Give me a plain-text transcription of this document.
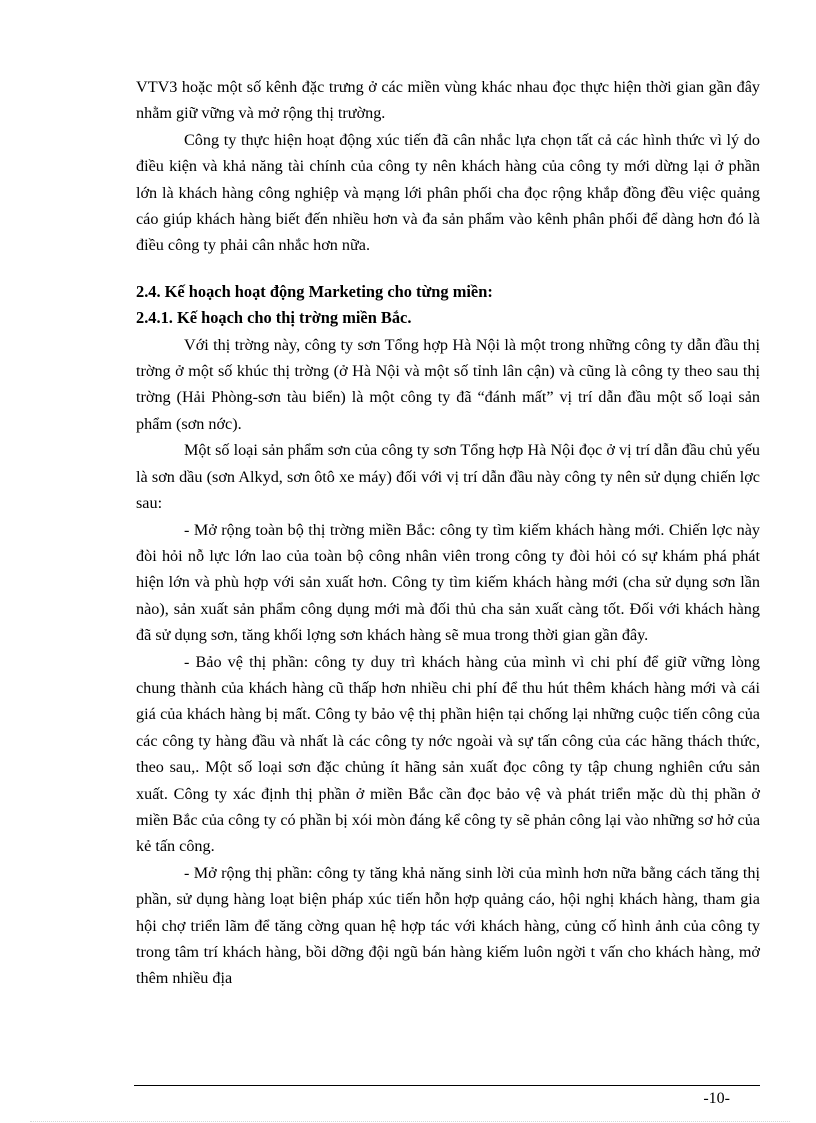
VTV3 hoặc một số kênh đặc trưng ở các miền vùng khác nhau đọc thực hiện thời gian gần đây nhằm giữ vững và mở rộng thị trường.

Công ty thực hiện hoạt động xúc tiến đã cân nhắc lựa chọn tất cả các hình thức vì lý do điều kiện và khả năng tài chính của công ty nên khách hàng của công ty mới dừng lại ở phần lớn là khách hàng công nghiệp và mạng lới phân phối cha đọc rộng khắp đồng đều việc quảng cáo giúp khách hàng biết đến nhiều hơn và đa sản phẩm vào kênh phân phối để dàng hơn đó là điều công ty phải cân nhắc hơn nữa.

2.4. Kế hoạch hoạt động Marketing cho từng miền:
2.4.1. Kế hoạch cho thị trờng miền Bắc.

Với thị trờng này, công ty sơn Tổng hợp Hà Nội là một trong những công ty dẫn đầu thị trờng ở một số khúc thị trờng (ở Hà Nội và một số tỉnh lân cận) và cũng là công ty theo sau thị trờng (Hải Phòng-sơn tàu biển) là một công ty đã “đánh mất” vị trí dẫn đầu một số loại sản phẩm (sơn nớc).

Một số loại sản phẩm sơn của công ty sơn Tổng hợp Hà Nội đọc ở vị trí dẫn đầu chủ yếu là sơn dầu (sơn Alkyd, sơn ôtô xe máy) đối với vị trí dẫn đầu này công ty nên sử dụng chiến lợc sau:

- Mở rộng toàn bộ thị trờng miền Bắc: công ty tìm kiếm khách hàng mới. Chiến lợc này đòi hỏi nỗ lực lớn lao của toàn bộ công nhân viên trong công ty đòi hỏi có sự khám phá phát hiện lớn và phù hợp với sản xuất hơn. Công ty tìm kiếm khách hàng mới (cha sử dụng sơn lần nào), sản xuất sản phẩm công dụng mới mà đối thủ cha sản xuất càng tốt. Đối với khách hàng đã sử dụng sơn, tăng khối lợng sơn khách hàng sẽ mua trong thời gian gần đây.

- Bảo vệ thị phần: công ty duy trì khách hàng của mình vì chi phí để giữ vững lòng chung thành của khách hàng cũ thấp hơn nhiều chi phí để thu hút thêm khách hàng mới và cái giá của khách hàng bị mất. Công ty bảo vệ thị phần hiện tại chống lại những cuộc tiến công của các công ty hàng đầu và nhất là các công ty nớc ngoài và sự tấn công của các hãng thách thức, theo sau,. Một số loại sơn đặc chủng ít hãng sản xuất đọc công ty tập chung nghiên cứu sản xuất. Công ty xác định thị phần ở miền Bắc cần đọc bảo vệ và phát triển mặc dù thị phần ở miền Bắc của công ty có phần bị xói mòn đáng kể công ty sẽ phản công lại vào những sơ hở của kẻ tấn công.

- Mở rộng thị phần: công ty tăng khả năng sinh lời của mình hơn nữa bằng cách tăng thị phần, sử dụng hàng loạt biện pháp xúc tiến hỗn hợp quảng cáo, hội nghị khách hàng, tham gia hội chợ triển lãm để tăng cờng quan hệ hợp tác với khách hàng, củng cố hình ảnh của công ty trong tâm trí khách hàng, bồi dỡng đội ngũ bán hàng kiếm luôn ngời t vấn cho khách hàng, mở thêm nhiều địa

-10-
